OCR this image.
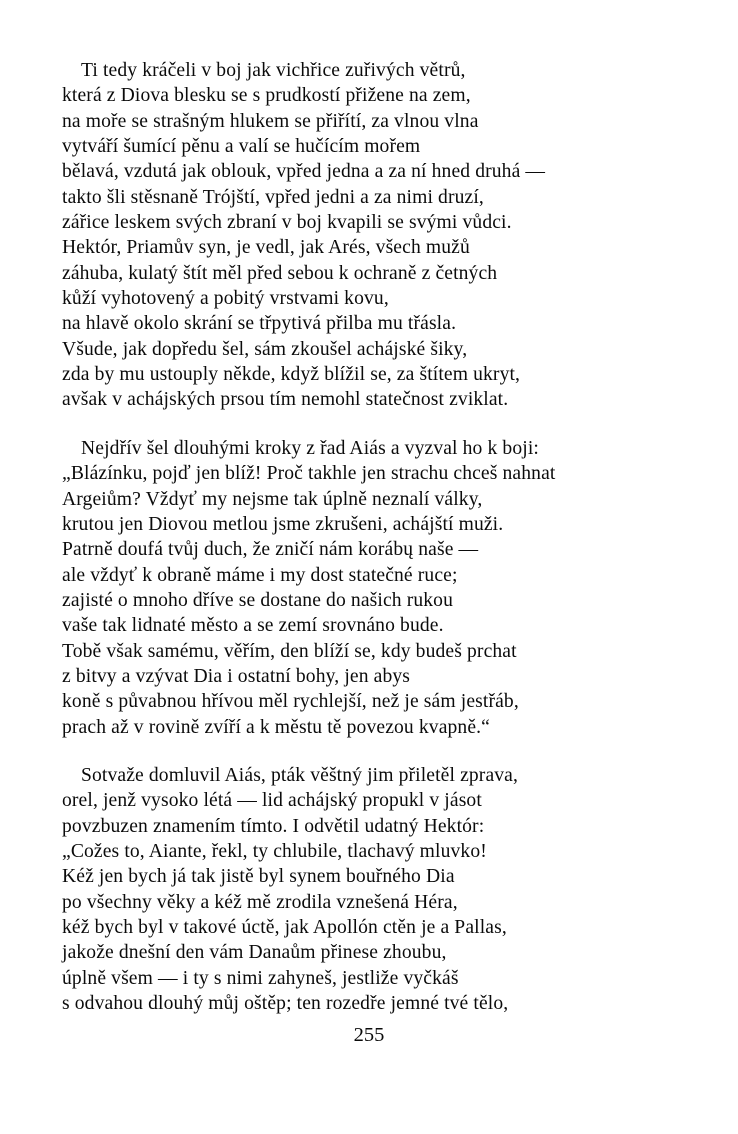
Ti tedy kráčeli v boj jak vichřice zuřivých větrů,
která z Diova blesku se s prudkostí přižene na zem,
na moře se strašným hlukem se přiřítí, za vlnou vlna
vytváří šumící pěnu a valí se hučícím mořem
bělavá, vzdutá jak oblouk, vpřed jedna a za ní hned druhá —
takto šli stěsnaně Trójští, vpřed jedni a za nimi druzí,
zářice leskem svých zbraní v boj kvapili se svými vůdci.
Hektór, Priamův syn, je vedl, jak Arés, všech mužů
záhuba, kulatý štít měl před sebou k ochraně z četných
kůží vyhotovený a pobitý vrstvami kovu,
na hlavě okolo skrání se třpytivá přilba mu třásla.
Všude, jak dopředu šel, sám zkoušel achájské šiky,
zda by mu ustouply někde, když blížil se, za štítem ukryt,
avšak v achájských prsou tím nemohl statečnost zviklat.
Nejdřív šel dlouhými kroky z řad Aiás a vyzval ho k boji:
„Blázínku, pojď jen blíž! Proč takhle jen strachu chceš nahnat
Argeiům? Vždyť my nejsme tak úplně neznalí války,
krutou jen Diovou metlou jsme zkrušeni, achájští muži.
Patrně doufá tvůj duch, že zničí nám korábų naše —
ale vždyť k obraně máme i my dost statečné ruce;
zajisté o mnoho dříve se dostane do našich rukou
vaše tak lidnaté město a se zemí srovnáno bude.
Tobě však samému, věřím, den blíží se, kdy budeš prchat
z bitvy a vzývat Dia i ostatní bohy, jen abys
koně s půvabnou hřívou měl rychlejší, než je sám jestřáb,
prach až v rovině zvíří a k městu tě povezou kvapně.“
Sotvaže domluvil Aiás, pták věštný jim přiletěl zprava,
orel, jenž vysoko létá — lid achájský propukl v jásot
povzbuzen znamením tímto. I odvětil udatný Hektór:
„Cožes to, Aiante, řekl, ty chlubile, tlachavý mluvko!
Kéž jen bych já tak jistě byl synem bouřného Dia
po všechny věky a kéž mě zrodila vznešená Héra,
kéž bych byl v takové úctě, jak Apollón ctěn je a Pallas,
jakože dnešní den vám Danaům přinese zhoubu,
úplně všem — i ty s nimi zahyneš, jestliže vyčkáš
s odvahou dlouhý můj oštěp; ten rozedře jemné tvé tělo,
255
